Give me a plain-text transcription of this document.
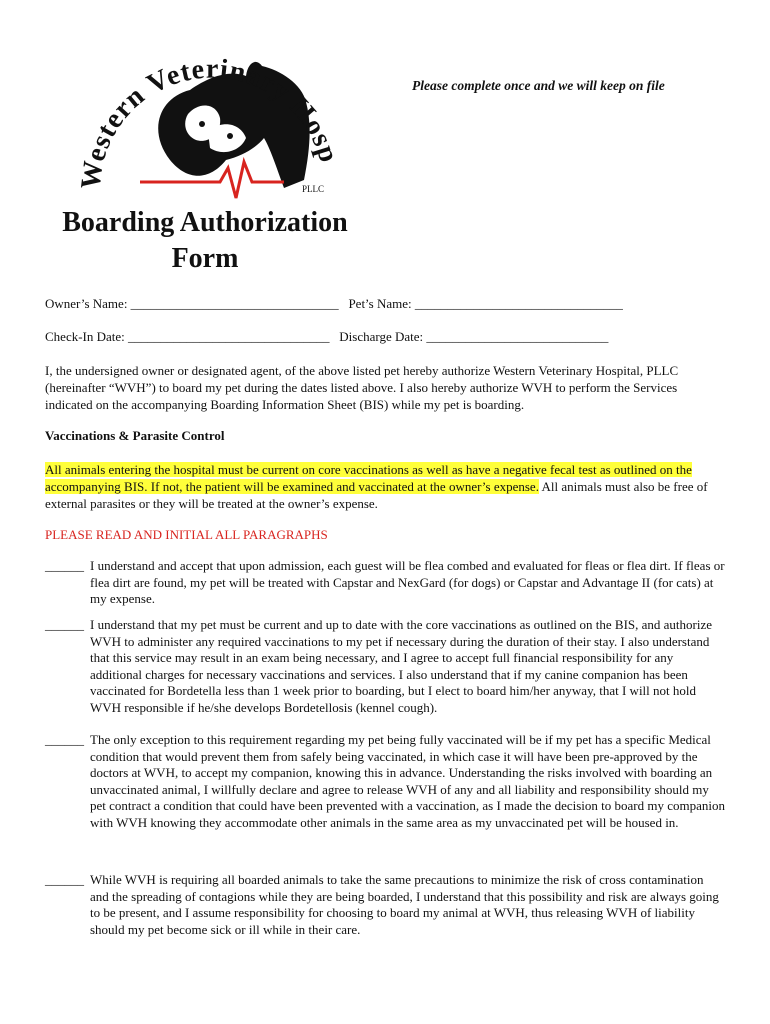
Western Veterinary Hos
PLLC
Please complete once and we will keep on file
Boarding Authorization
Form
Owner’s Name: ________________________________ Pet’s Name: ________________________________
Check-In Date: _______________________________ Discharge Date: ____________________________
I, the undersigned owner or designated agent, of the above listed pet hereby authorize Western Veterinary Hospital, PLLC (hereinafter “WVH”) to board my pet during the dates listed above. I also hereby authorize WVH to perform the Services indicated on the accompanying Boarding Information Sheet (BIS) while my pet is boarding.
Vaccinations & Parasite Control
All animals entering the hospital must be current on core vaccinations as well as have a negative fecal test as outlined on the accompanying BIS. If not, the patient will be examined and vaccinated at the owner’s expense. All animals must also be free of external parasites or they will be treated at the owner’s expense.
PLEASE READ AND INITIAL ALL PARAGRAPHS
______ I understand and accept that upon admission, each guest will be flea combed and evaluated for fleas or flea dirt. If fleas or flea dirt are found, my pet will be treated with Capstar and NexGard (for dogs) or Capstar and Advantage II (for cats) at my expense.
______ I understand that my pet must be current and up to date with the core vaccinations as outlined on the BIS, and authorize WVH to administer any required vaccinations to my pet if necessary during the duration of their stay. I also understand that this service may result in an exam being necessary, and I agree to accept full financial responsibility for any additional charges for necessary vaccinations and services. I also understand that if my canine companion has been vaccinated for Bordetella less than 1 week prior to boarding, but I elect to board him/her anyway, that I will not hold WVH responsible if he/she develops Bordetellosis (kennel cough).
______ The only exception to this requirement regarding my pet being fully vaccinated will be if my pet has a specific Medical condition that would prevent them from safely being vaccinated, in which case it will have been pre-approved by the doctors at WVH, to accept my companion, knowing this in advance. Understanding the risks involved with boarding an unvaccinated animal, I willfully declare and agree to release WVH of any and all liability and responsibility should my pet contract a condition that could have been prevented with a vaccination, as I made the decision to board my companion with WVH knowing they accommodate other animals in the same area as my unvaccinated pet will be housed in.
______ While WVH is requiring all boarded animals to take the same precautions to minimize the risk of cross contamination and the spreading of contagions while they are being boarded, I understand that this possibility and risk are always going to be present, and I assume responsibility for choosing to board my animal at WVH, thus releasing WVH of liability should my pet become sick or ill while in their care.
